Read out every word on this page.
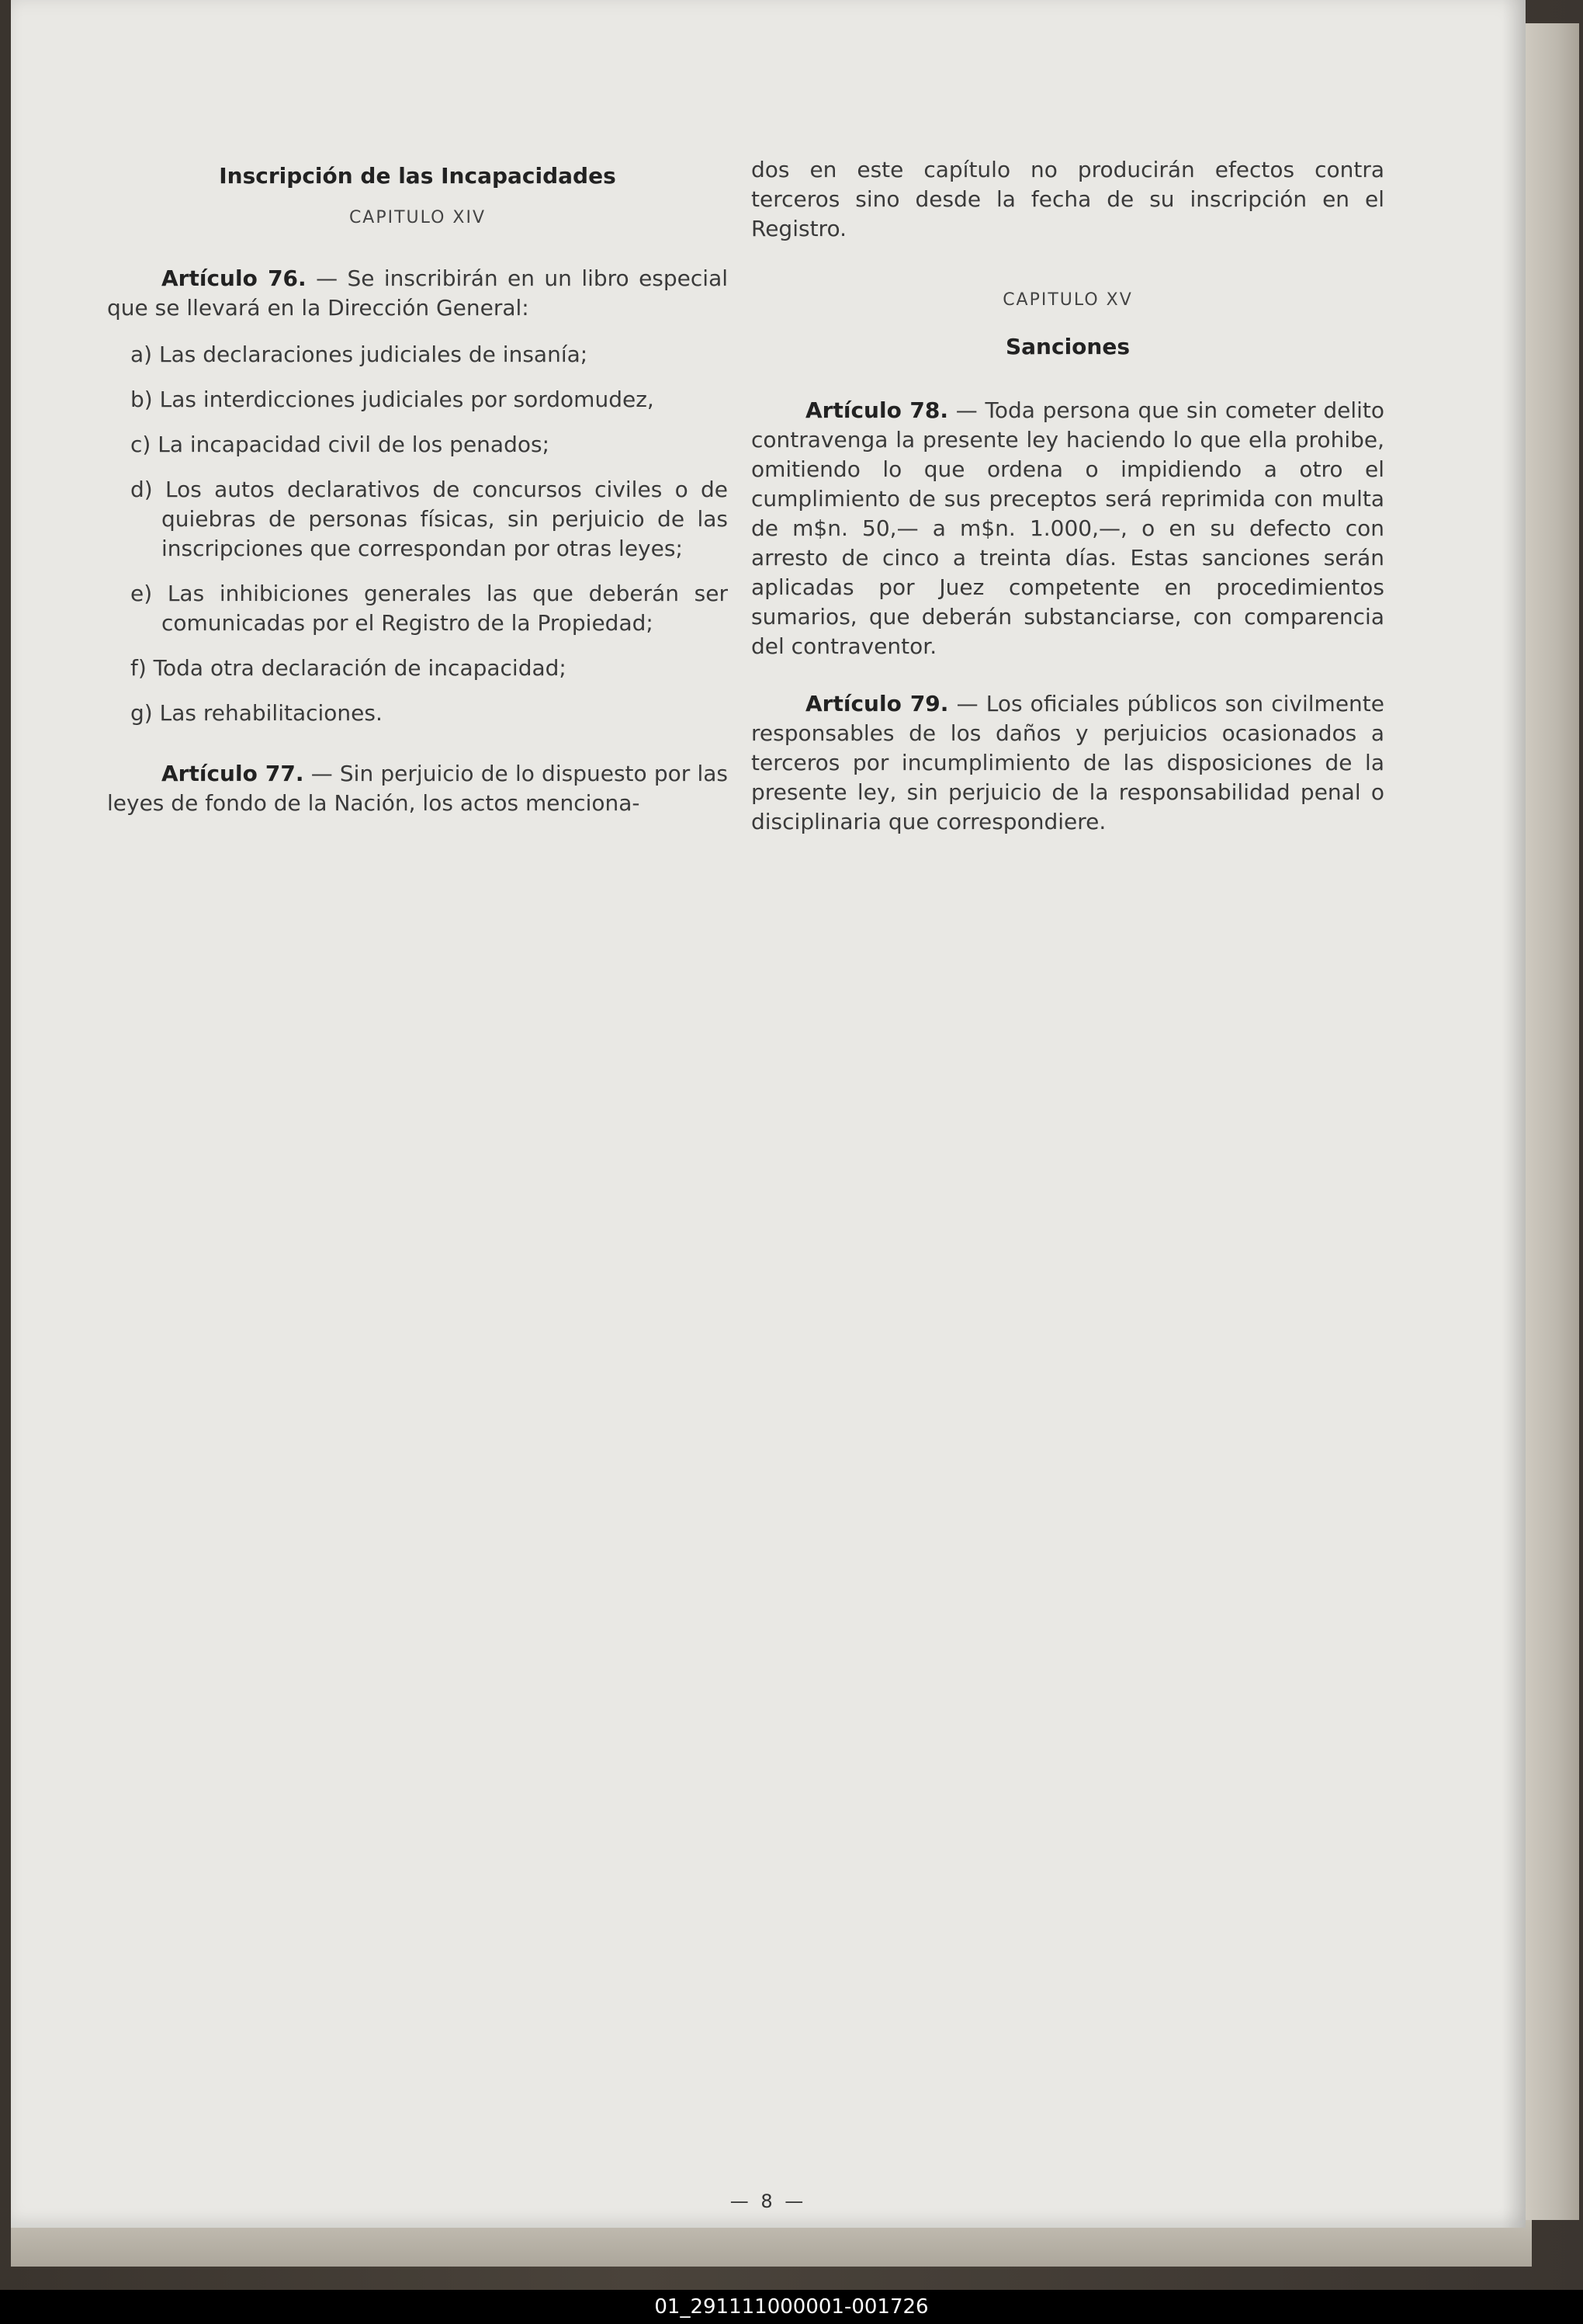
Inscripción de las Incapacidades

CAPITULO XIV

Artículo 76. — Se inscribirán en un libro especial que se llevará en la Dirección General:

a) Las declaraciones judiciales de insanía;

b) Las interdicciones judiciales por sordomudez,

c) La incapacidad civil de los penados;

d) Los autos declarativos de concursos civiles o de quiebras de personas físicas, sin perjuicio de las inscripciones que correspondan por otras leyes;

e) Las inhibiciones generales las que deberán ser comunicadas por el Registro de la Propiedad;

f) Toda otra declaración de incapacidad;

g) Las rehabilitaciones.

Artículo 77. — Sin perjuicio de lo dispuesto por las leyes de fondo de la Nación, los actos menciona-

dos en este capítulo no producirán efectos contra terceros sino desde la fecha de su inscripción en el Registro.

CAPITULO XV

Sanciones

Artículo 78. — Toda persona que sin cometer delito contravenga la presente ley haciendo lo que ella prohibe, omitiendo lo que ordena o impidiendo a otro el cumplimiento de sus preceptos será reprimida con multa de m$n. 50,— a m$n. 1.000,—, o en su defecto con arresto de cinco a treinta días. Estas sanciones serán aplicadas por Juez competente en procedimientos sumarios, que deberán substanciarse, con comparencia del contraventor.

Artículo 79. — Los oficiales públicos son civilmente responsables de los daños y perjuicios ocasionados a terceros por incumplimiento de las disposiciones de la presente ley, sin perjuicio de la responsabilidad penal o disciplinaria que correspondiere.

— 8 —
01_291111000001-001726
